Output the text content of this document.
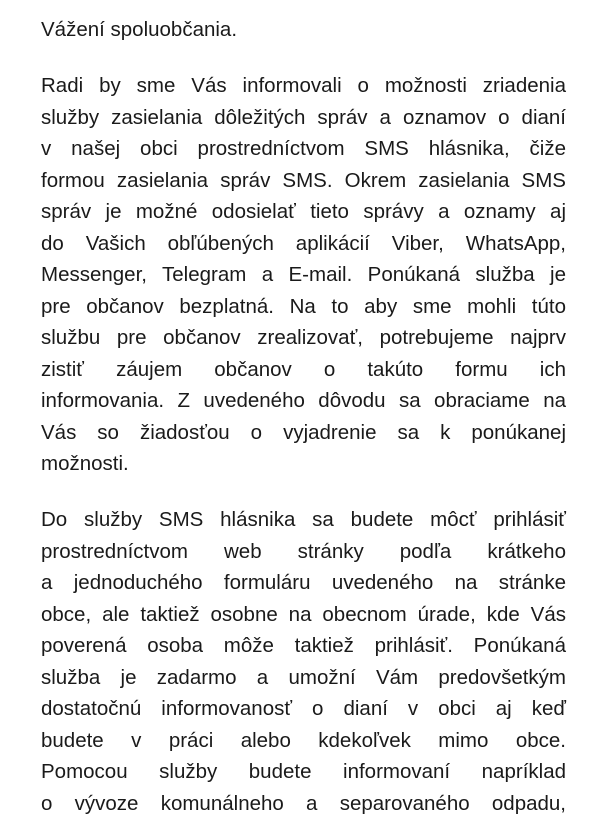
Vážení spoluobčania.
Radi by sme Vás informovali o možnosti zriadenia
služby zasielania dôležitých správ a oznamov o dianí
v našej obci prostredníctvom SMS hlásnika, čiže
formou zasielania správ SMS. Okrem zasielania SMS
správ je možné odosielať tieto správy a oznamy aj
do Vašich obľúbených aplikácií Viber, WhatsApp,
Messenger, Telegram a E-mail. Ponúkaná služba je
pre občanov bezplatná. Na to aby sme mohli túto
službu pre občanov zrealizovať, potrebujeme najprv
zistiť záujem občanov o takúto formu ich
informovania. Z uvedeného dôvodu sa obraciame na
Vás so žiadosťou o vyjadrenie sa k ponúkanej
možnosti.
Do služby SMS hlásnika sa budete môcť prihlásiť
prostredníctvom web stránky podľa krátkeho
a jednoduchého formuláru uvedeného na stránke
obce, ale taktiež osobne na obecnom úrade, kde Vás
poverená osoba môže taktiež prihlásiť. Ponúkaná
služba je zadarmo a umožní Vám predovšetkým
dostatočnú informovanosť o dianí v obci aj keď
budete v práci alebo kdekoľvek mimo obce.
Pomocou služby budete informovaní napríklad
o vývoze komunálneho a separovaného odpadu,
